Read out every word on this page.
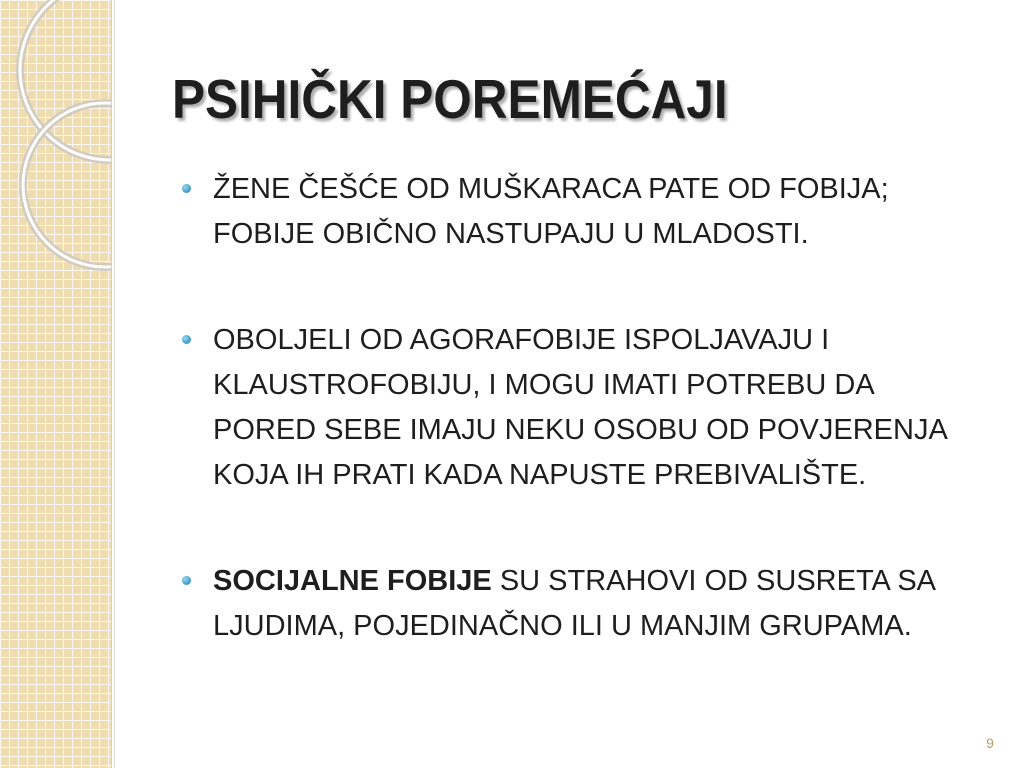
PSIHIČKI POREMEĆAJI
ŽENE ČEŠĆE OD MUŠKARACA PATE OD FOBIJA; FOBIJE OBIČNO NASTUPAJU U MLADOSTI.
OBOLJELI OD AGORAFOBIJE ISPOLJAVAJU I KLAUSTROFOBIJU, I MOGU IMATI POTREBU DA PORED SEBE IMAJU NEKU OSOBU OD POVJERENJA KOJA IH PRATI KADA NAPUSTE PREBIVALIŠTE.
SOCIJALNE FOBIJE SU STRAHOVI OD SUSRETA SA LJUDIMA, POJEDINAČNO ILI U MANJIM GRUPAMA.
9
